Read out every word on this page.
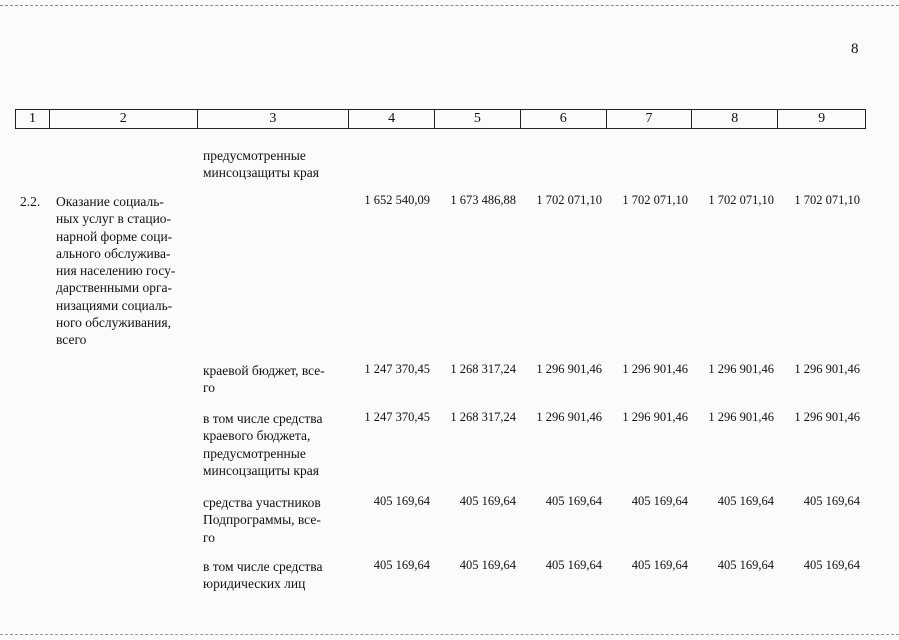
8
1	2	3	4	5	6	7	8	9
предусмотренные
минсоцзащиты края
2.2. Оказание социаль-
ных услуг в стацио-
нарной форме соци-
ального обслужива-
ния населению госу-
дарственными орга-
низациями социаль-
ного обслуживания,
всего
1 652 540,09	1 673 486,88	1 702 071,10	1 702 071,10	1 702 071,10	1 702 071,10
краевой бюджет, все-
го
1 247 370,45	1 268 317,24	1 296 901,46	1 296 901,46	1 296 901,46	1 296 901,46
в том числе средства
краевого бюджета,
предусмотренные
минсоцзащиты края
1 247 370,45	1 268 317,24	1 296 901,46	1 296 901,46	1 296 901,46	1 296 901,46
средства участников
Подпрограммы, все-
го
405 169,64	405 169,64	405 169,64	405 169,64	405 169,64	405 169,64
в том числе средства
юридических лиц
405 169,64	405 169,64	405 169,64	405 169,64	405 169,64	405 169,64
